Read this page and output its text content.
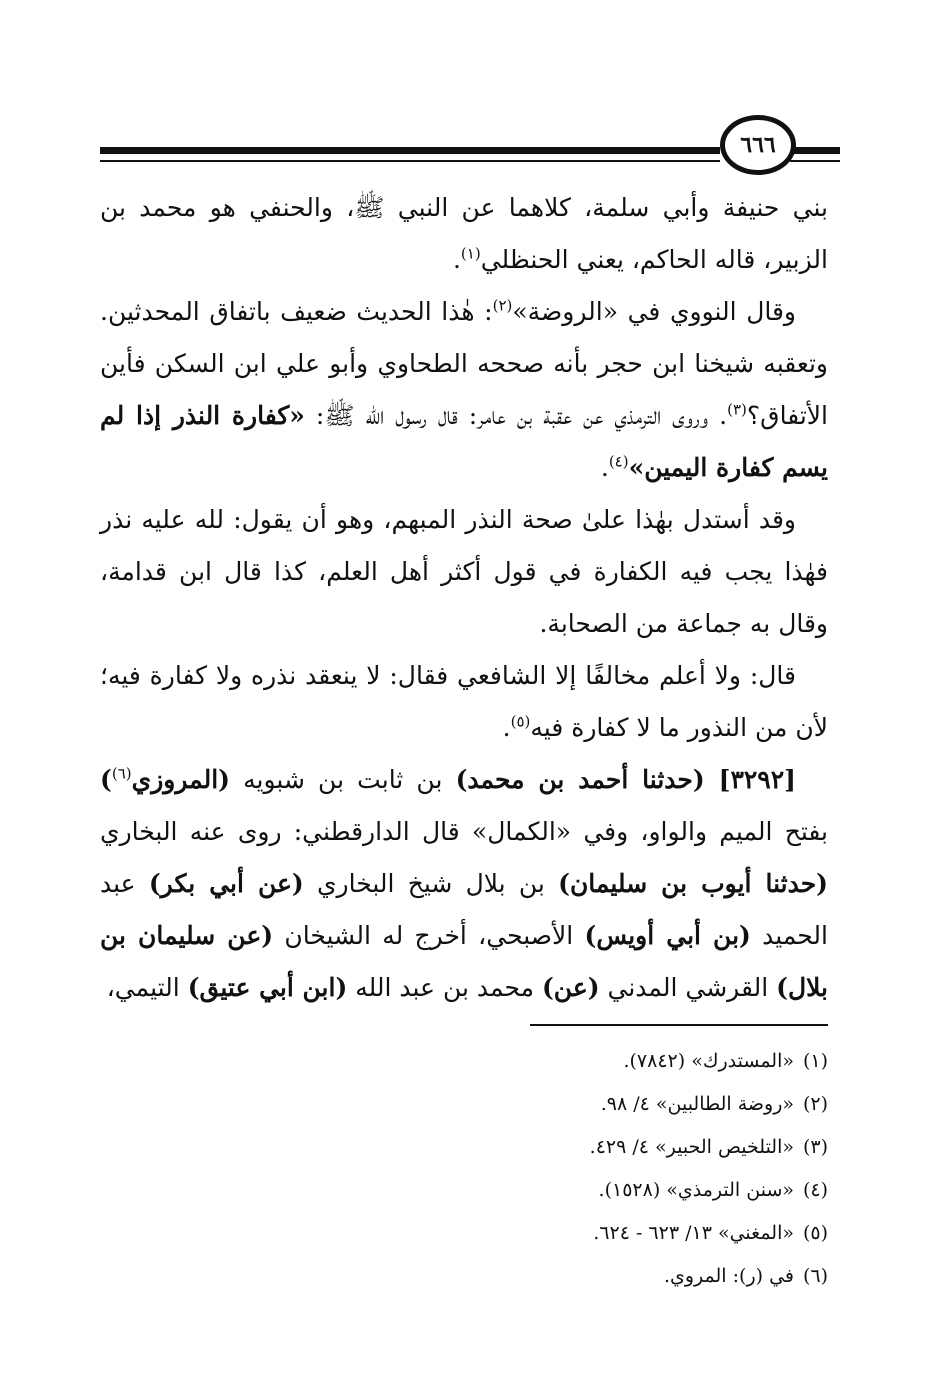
٦٦٦

بني حنيفة وأبي سلمة، كلاهما عن النبي ﷺ، والحنفي هو محمد بن الزبير، قاله الحاكم، يعني الحنظلي$^{(١)}$.

وقال النووي في «الروضة»$^{(٢)}$: هٰذا الحديث ضعيف باتفاق المحدثين. وتعقبه شيخنا ابن حجر بأنه صححه الطحاوي وأبو علي ابن السكن فأين الأتفاق؟$^{(٣)}$. وروى الترمذي عن عقبة بن عامر: قال رسول الله ﷺ: «كفارة النذر إذا لم يسم كفارة اليمين»$^{(٤)}$.

وقد أستدل بهٰذا علىٰ صحة النذر المبهم، وهو أن يقول: لله عليه نذر فهٰذا يجب فيه الكفارة في قول أكثر أهل العلم، كذا قال ابن قدامة، وقال به جماعة من الصحابة.

قال: ولا أعلم مخالفًا إلا الشافعي فقال: لا ينعقد نذره ولا كفارة فيه؛ لأن من النذور ما لا كفارة فيه$^{(٥)}$.

[٣٢٩٢] (حدثنا أحمد بن محمد) بن ثابت بن شبويه (المروزي$^{(٦)}$) بفتح الميم والواو، وفي «الكمال» قال الدارقطني: روى عنه البخاري (حدثنا أيوب بن سليمان) بن بلال شيخ البخاري (عن أبي بكر) عبد الحميد (بن أبي أويس) الأصبحي، أخرج له الشيخان (عن سليمان بن بلال) القرشي المدني (عن) محمد بن عبد الله (ابن أبي عتيق) التيمي،

(١)«المستدرك» (٧٨٤٢).
(٢)«روضة الطالبين» ٤/ ٩٨.
(٣)«التلخيص الحبير» ٤/ ٤٢٩.
(٤)«سنن الترمذي» (١٥٢٨).
(٥)«المغني» ١٣/ ٦٢٣ - ٦٢٤.
(٦)في (ر): المروي.
